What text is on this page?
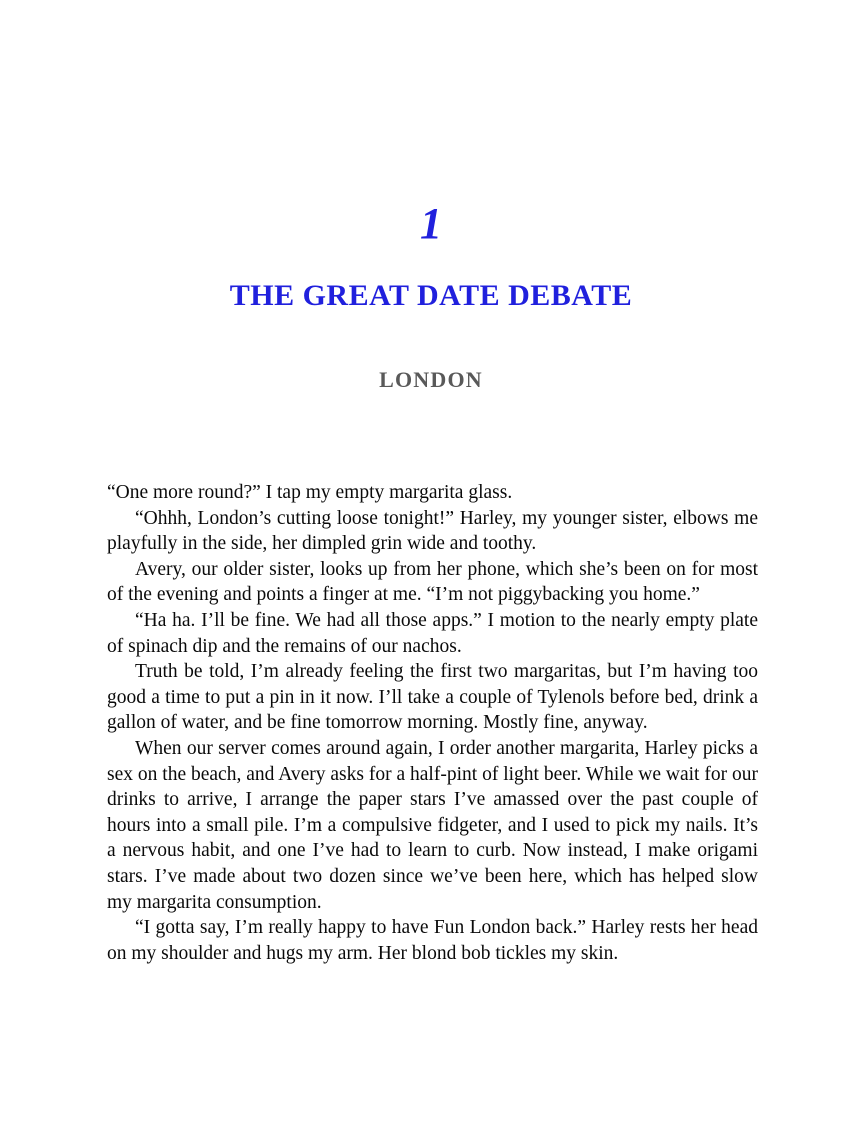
1
THE GREAT DATE DEBATE
LONDON

“One more round?” I tap my empty margarita glass.

“Ohhh, London’s cutting loose tonight!” Harley, my younger sister, elbows me playfully in the side, her dimpled grin wide and toothy.

Avery, our older sister, looks up from her phone, which she’s been on for most of the evening and points a finger at me. “I’m not piggybacking you home.”

“Ha ha. I’ll be fine. We had all those apps.” I motion to the nearly empty plate of spinach dip and the remains of our nachos.

Truth be told, I’m already feeling the first two margaritas, but I’m having too good a time to put a pin in it now. I’ll take a couple of Tylenols before bed, drink a gallon of water, and be fine tomorrow morning. Mostly fine, anyway.

When our server comes around again, I order another margarita, Harley picks a sex on the beach, and Avery asks for a half-pint of light beer. While we wait for our drinks to arrive, I arrange the paper stars I’ve amassed over the past couple of hours into a small pile. I’m a compulsive fidgeter, and I used to pick my nails. It’s a nervous habit, and one I’ve had to learn to curb. Now instead, I make origami stars. I’ve made about two dozen since we’ve been here, which has helped slow my margarita consumption.

“I gotta say, I’m really happy to have Fun London back.” Harley rests her head on my shoulder and hugs my arm. Her blond bob tickles my skin.
